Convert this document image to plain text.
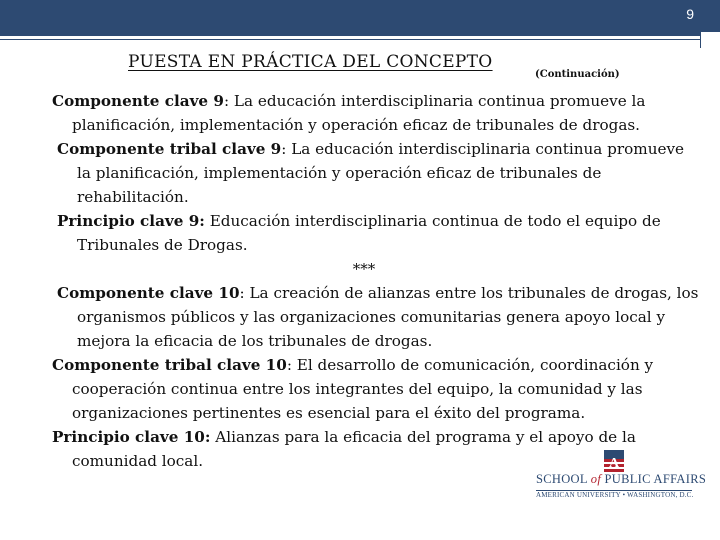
9
PUESTA EN PRÁCTICA DEL CONCEPTO
(Continuación)

Componente clave 9: La educación interdisciplinaria continua promueve la planificación, implementación y operación eficaz de tribunales de drogas.

Componente tribal clave 9: La educación interdisciplinaria continua promueve la planificación, implementación y operación eficaz de tribunales de rehabilitación.

Principio clave 9: Educación interdisciplinaria continua de todo el equipo de Tribunales de Drogas.

***

Componente clave 10: La creación de alianzas entre los tribunales de drogas, los organismos públicos y las organizaciones comunitarias genera apoyo local y mejora la eficacia de los tribunales de drogas.

Componente tribal clave 10: El desarrollo de comunicación, coordinación y cooperación continua entre los integrantes del equipo, la comunidad y las organizaciones pertinentes es esencial para el éxito del programa.

Principio clave 10: Alianzas para la eficacia del programa y el apoyo de la comunidad local.	A
SCHOOL of PUBLIC AFFAIRS
AMERICAN UNIVERSITY • WASHINGTON, D.C.
